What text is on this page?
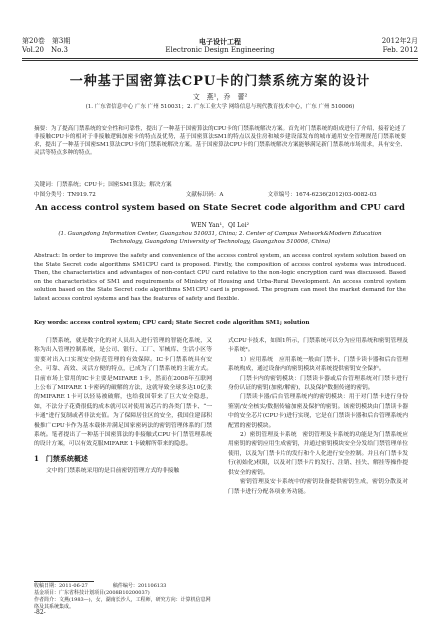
第20卷　第3期
Vol.20　No.3
电子设计工程
Electronic Design Engineering
2012年2月
Feb. 2012
一种基于国密算法CPU卡的门禁系统方案的设计
文　燕¹，乔　蕾²
(1. 广东省信息中心 广东 广州 510031；2. 广东工业大学 网络信息与现代教育技术中心，广东 广州 510006)
摘要：为了提高门禁系统的安全性和可靠性，提出了一种基于国密算法的CPU卡的门禁系统解决方案。首先对门禁系统的组成进行了介绍，接着论述了非接触CPU卡的相对于非接触逻辑加密卡的特点及优势，基于国密算法SM1的特点以及住房和城乡建设部发布的城市通用安全管理规范门禁系统要求，提出了一种基于国密SM1算法CPU卡的门禁系统解决方案。基于国密算法CPU卡的门禁系统解决方案能够满足新门禁系统市场需求，具有安全、灵活等特点多种的特点。
关键词：门禁系统；CPU卡；国密SM1算法；解决方案
中图分类号：TN919.72	文献标识码：A	文章编号：1674-6236(2012)03-0082-03
An access control system based on State Secret code algorithm and CPU card
WEN Yan¹，QI Lei²
(1. Guangdong Information Center, Guangzhou 510031, China; 2. Center of Campus Network&Modern Education Technology, Guangdong University of Technology, Guangzhou 510006, China)
Abstract: In order to improve the safety and convenience of the access control system, an access control system solution based on the State Secret code algorithms SM1CPU card is proposed. Firstly, the composition of access control systems was introduced. Then, the characteristics and advantages of non-contact CPU card relative to the non-logic encryption card was discussed. Based on the characteristics of SM1 and requirements of Ministry of Housing and Urba-Rural Development. An access control system solution based on the State Secret code algorithms SM1CPU card is proposed. The program can meet the market demand for the latest access control systems and has the features of safety and flexible.
Key words: access control system; CPU card; State Secret code algorithm SM1; solution
门禁系统，就是数字化的对人员出入进行管理的智能化系统，又称为出入管理控制系统，是公司、银行、工厂、军械库、生活小区等需要对出入口实现安全防范管理的有效保障。IC卡门禁系统具有安全、可靠、高效、灵活方便的特点，已成为了门禁系统的主流方式。目前市场上常用的IC卡主要是MIFARE 1卡，然而在2008年互联网上公布了MIFARE 1卡密码的破解的方法，这就导致全球多达10亿张的MIFARE 1卡可以轻易被破解，也给我国带来了巨大安全隐患，如，不法分子花费很低的成本就可以对使用该芯片的各类门禁卡、“一卡通”进行复制或者非法充值。为了保障居住区的安全，我国住建部积极推广CPU卡作为基本载体并满足国家密码法的密钥管理体系的门禁系统。笔者提出了一种基于国密算法的非接触式CPU卡门禁管理系统的设计方案，可以有效克服MIFARE 1卡破解所带来的隐患。
1　门禁系统概述
文中的门禁系统采用的是目前密钥管理方式的非接触
式CPU卡技术，如图1所示，门禁系统可以分为应用系统和密钥管理及卡系统²。
1）应用系统　应用系统一般由门禁卡、门禁卡读卡器和后台管理系统构成，通过设备内的密钥模块对系统提供密钥安全保护。
门禁卡内的密钥模块：门禁读卡器或后台管理系统对门禁卡进行身份认证的密钥(加密/解密)，以及保护数据传递的密钥。
门禁读卡器/后台管理系统内的密钥模块：用于对门禁卡进行身份鉴别/安全核实/数据传输加密及保护的密钥。该密钥模块由门禁读卡器中的安全芯片(CPU卡)进行实现，它是在门禁读卡器和后台管理系统内配置的密钥模块。
2）密钥管理及卡系统　密钥管理及卡系统的功能是为门禁系统应用密钥的密钥应用生成密钥，并通过密钥模块安全分发给门禁管理单位使用，以及为门禁卡片的发行和个人化进行安全控制。并且有门禁卡发行(初始化)权限，以及对门禁卡片的发行、注销、挂失、解挂等操作提供安全的密钥。
密钥管理及安卡系统中的密钥设备提供密钥生成，密钥分散及对门禁卡进行分配各项业务功能。
收稿日期：2011-06-27　　　　　稿件编号：201106133
基金项目：广东省科技计划项目(2008B10200037)
作者简介：文燕(1983—)，女，湖南长沙人，工程师，研究方向：计算机信息网络及其系统集成。
-82-
